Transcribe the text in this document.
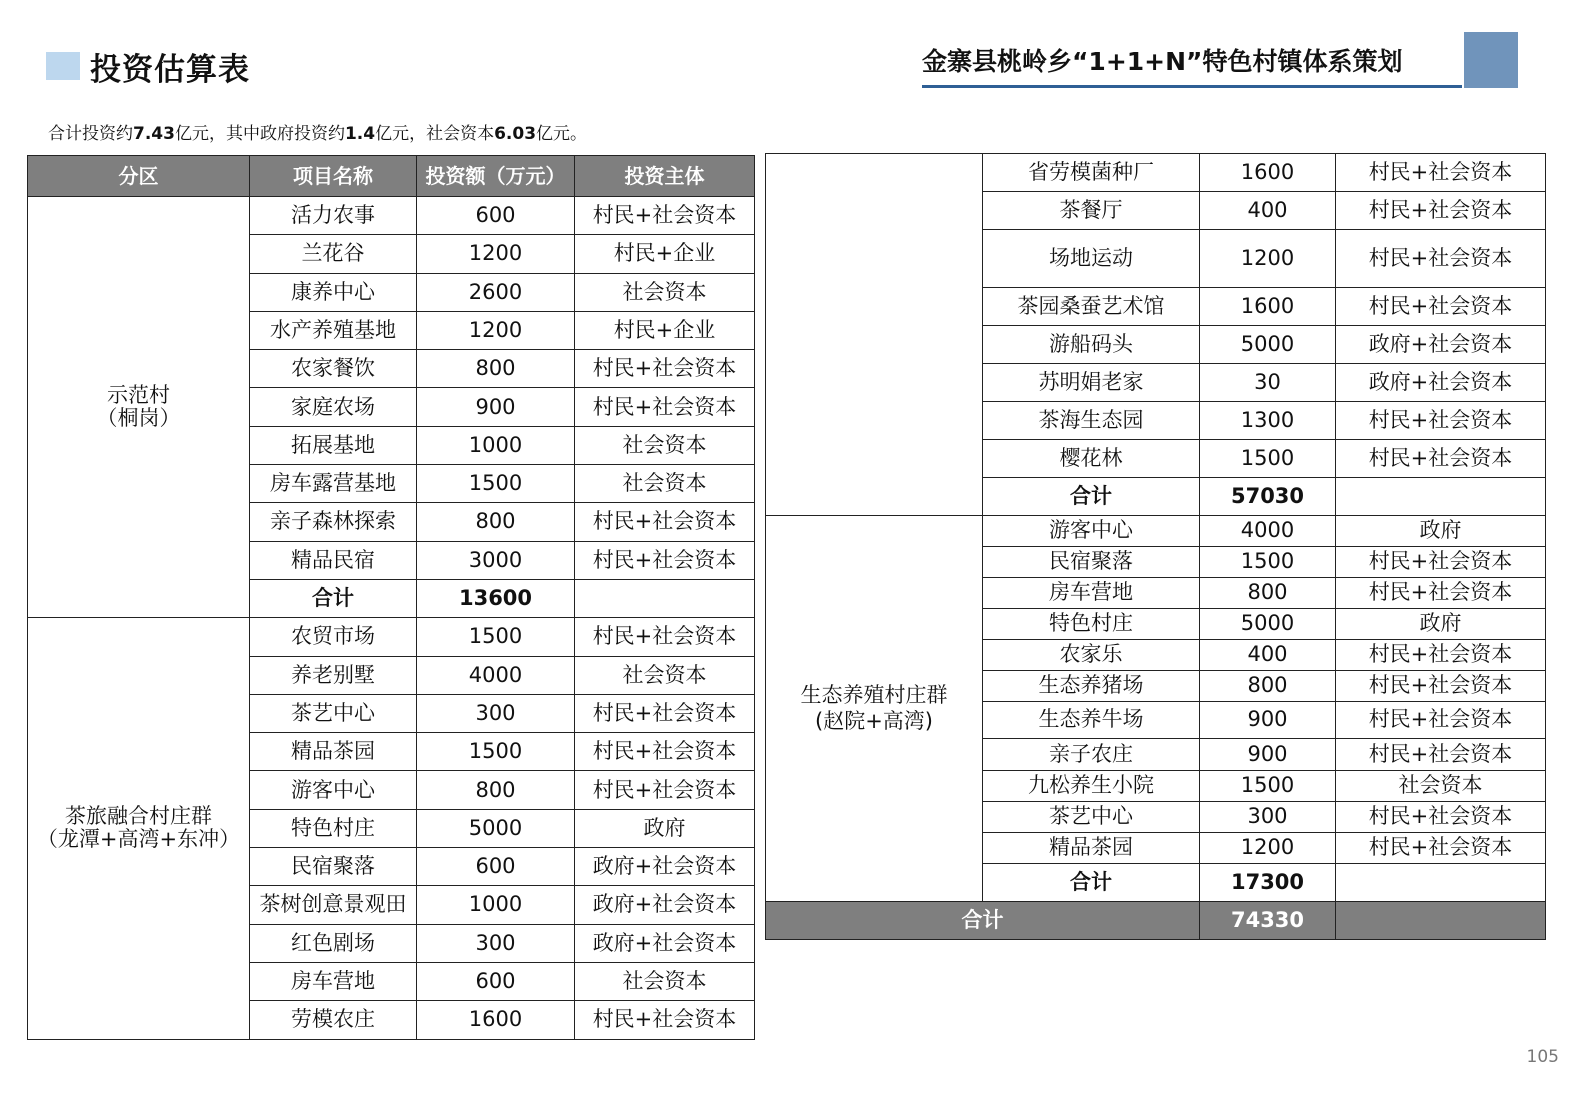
投资估算表	金寨县桃岭乡“1+1+N”特色村镇体系策划
合计投资约7.43亿元，其中政府投资约1.4亿元，社会资本6.03亿元。
分区	项目名称	投资额（万元）	投资主体
示范村
（桐岗）	活力农事	600	村民+社会资本
	兰花谷	1200	村民+企业
	康养中心	2600	社会资本
	水产养殖基地	1200	村民+企业
	农家餐饮	800	村民+社会资本
	家庭农场	900	村民+社会资本
	拓展基地	1000	社会资本
	房车露营基地	1500	社会资本
	亲子森林探索	800	村民+社会资本
	精品民宿	3000	村民+社会资本
	合计	13600	
茶旅融合村庄群
（龙潭+高湾+东冲）	农贸市场	1500	村民+社会资本
	养老别墅	4000	社会资本
	茶艺中心	300	村民+社会资本
	精品茶园	1500	村民+社会资本
	游客中心	800	村民+社会资本
	特色村庄	5000	政府
	民宿聚落	600	政府+社会资本
	茶树创意景观田	1000	政府+社会资本
	红色剧场	300	政府+社会资本
	房车营地	600	社会资本
	劳模农庄	1600	村民+社会资本
	省劳模菌种厂	1600	村民+社会资本
	茶餐厅	400	村民+社会资本
	场地运动	1200	村民+社会资本
	茶园桑蚕艺术馆	1600	村民+社会资本
	游船码头	5000	政府+社会资本
	苏明娟老家	30	政府+社会资本
	茶海生态园	1300	村民+社会资本
	樱花林	1500	村民+社会资本
	合计	57030	
生态养殖村庄群
(赵院+高湾)	游客中心	4000	政府
	民宿聚落	1500	村民+社会资本
	房车营地	800	村民+社会资本
	特色村庄	5000	政府
	农家乐	400	村民+社会资本
	生态养猪场	800	村民+社会资本
	生态养牛场	900	村民+社会资本
	亲子农庄	900	村民+社会资本
	九松养生小院	1500	社会资本
	茶艺中心	300	村民+社会资本
	精品茶园	1200	村民+社会资本
	合计	17300	
合计		74330	
105
